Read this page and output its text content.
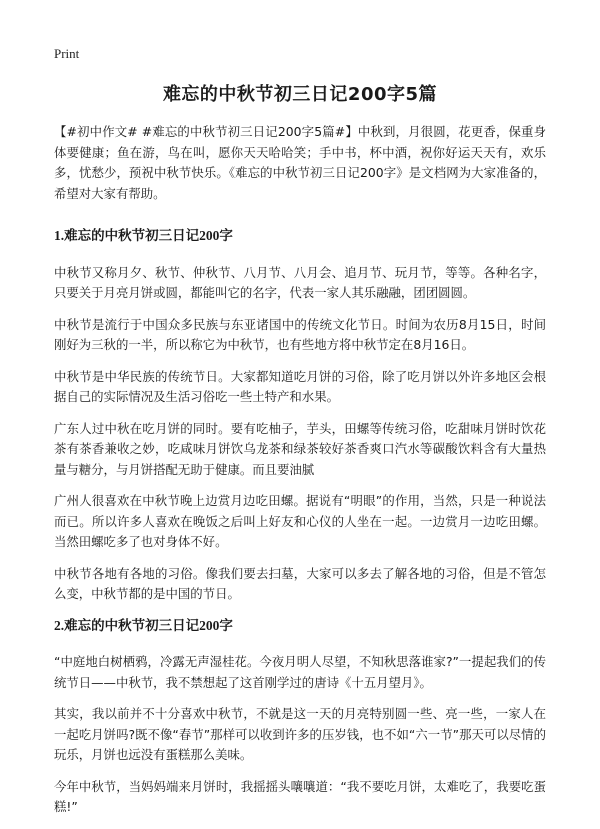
Print
难忘的中秋节初三日记200字5篇

【#初中作文# #难忘的中秋节初三日记200字5篇#】中秋到，月很圆，花更香，保重身体要健康；鱼在游，鸟在叫，愿你天天哈哈笑；手中书，杯中酒，祝你好运天天有，欢乐多，忧愁少，预祝中秋节快乐。《难忘的中秋节初三日记200字》是文档网为大家准备的，希望对大家有帮助。

1.难忘的中秋节初三日记200字

中秋节又称月夕、秋节、仲秋节、八月节、八月会、追月节、玩月节，等等。各种名字，只要关于月亮月饼或圆，都能叫它的名字，代表一家人其乐融融，团团圆圆。

中秋节是流行于中国众多民族与东亚诸国中的传统文化节日。时间为农历8月15日，时间刚好为三秋的一半，所以称它为中秋节，也有些地方将中秋节定在8月16日。

中秋节是中华民族的传统节日。大家都知道吃月饼的习俗，除了吃月饼以外许多地区会根据自己的实际情况及生活习俗吃一些土特产和水果。

广东人过中秋在吃月饼的同时。要有吃柚子，芋头，田螺等传统习俗，吃甜味月饼时饮花茶有茶香兼收之妙，吃咸味月饼饮乌龙茶和绿茶较好茶香爽口汽水等碳酸饮料含有大量热量与糖分，与月饼搭配无助于健康。而且要油腻

广州人很喜欢在中秋节晚上边赏月边吃田螺。据说有“明眼”的作用，当然，只是一种说法而已。所以许多人喜欢在晚饭之后叫上好友和心仪的人坐在一起。一边赏月一边吃田螺。当然田螺吃多了也对身体不好。

中秋节各地有各地的习俗。像我们要去扫墓，大家可以多去了解各地的习俗，但是不管怎么变，中秋节都的是中国的节日。

2.难忘的中秋节初三日记200字

“中庭地白树栖鸦，冷露无声湿桂花。今夜月明人尽望，不知秋思落谁家?”一提起我们的传统节日——中秋节，我不禁想起了这首刚学过的唐诗《十五月望月》。

其实，我以前并不十分喜欢中秋节，不就是这一天的月亮特别圆一些、亮一些，一家人在一起吃月饼吗?既不像“春节”那样可以收到许多的压岁钱，也不如“六一节”那天可以尽情的玩乐，月饼也远没有蛋糕那么美味。

今年中秋节，当妈妈端来月饼时，我摇摇头嚷嚷道：“我不要吃月饼，太难吃了，我要吃蛋糕!”
